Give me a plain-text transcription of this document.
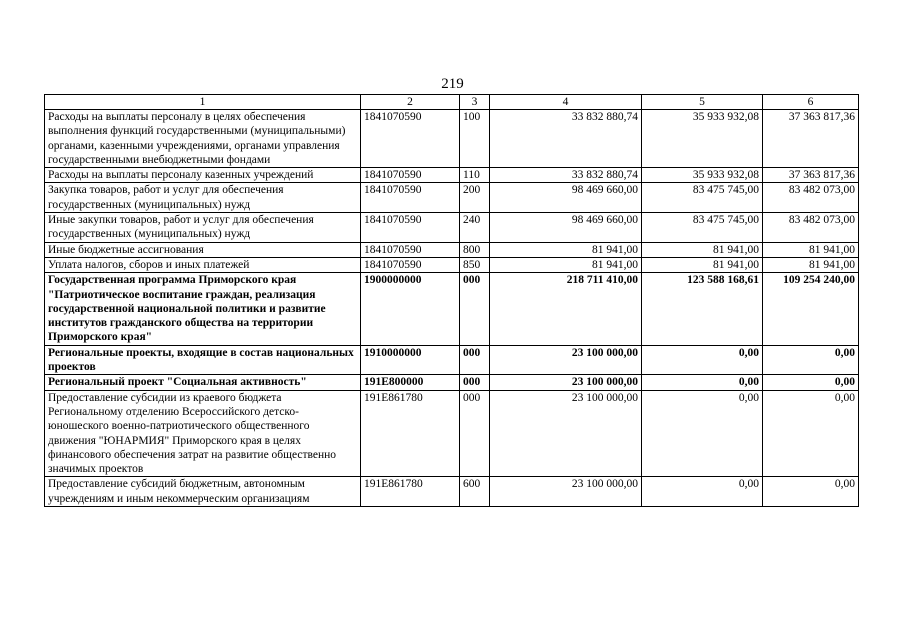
219
1	2	3	4	5	6
Расходы на выплаты персоналу в целях обеспечения выполнения функций государственными (муниципальными) органами, казенными учреждениями, органами управления государственными внебюджетными фондами	1841070590	100	33 832 880,74	35 933 932,08	37 363 817,36
Расходы на выплаты персоналу казенных учреждений	1841070590	110	33 832 880,74	35 933 932,08	37 363 817,36
Закупка товаров, работ и услуг для обеспечения государственных (муниципальных) нужд	1841070590	200	98 469 660,00	83 475 745,00	83 482 073,00
Иные закупки товаров, работ и услуг для обеспечения государственных (муниципальных) нужд	1841070590	240	98 469 660,00	83 475 745,00	83 482 073,00
Иные бюджетные ассигнования	1841070590	800	81 941,00	81 941,00	81 941,00
Уплата налогов, сборов и иных платежей	1841070590	850	81 941,00	81 941,00	81 941,00
Государственная программа Приморского края "Патриотическое воспитание граждан, реализация государственной национальной политики и развитие институтов гражданского общества на территории Приморского края"	1900000000	000	218 711 410,00	123 588 168,61	109 254 240,00
Региональные проекты, входящие в состав национальных проектов	1910000000	000	23 100 000,00	0,00	0,00
Региональный проект "Социальная активность"	191E800000	000	23 100 000,00	0,00	0,00
Предоставление субсидии из краевого бюджета Региональному отделению Всероссийского детско-юношеского военно-патриотического общественного движения "ЮНАРМИЯ" Приморского края в целях финансового обеспечения затрат на развитие общественно значимых проектов	191E861780	000	23 100 000,00	0,00	0,00
Предоставление субсидий бюджетным, автономным учреждениям и иным некоммерческим организациям	191E861780	600	23 100 000,00	0,00	0,00
